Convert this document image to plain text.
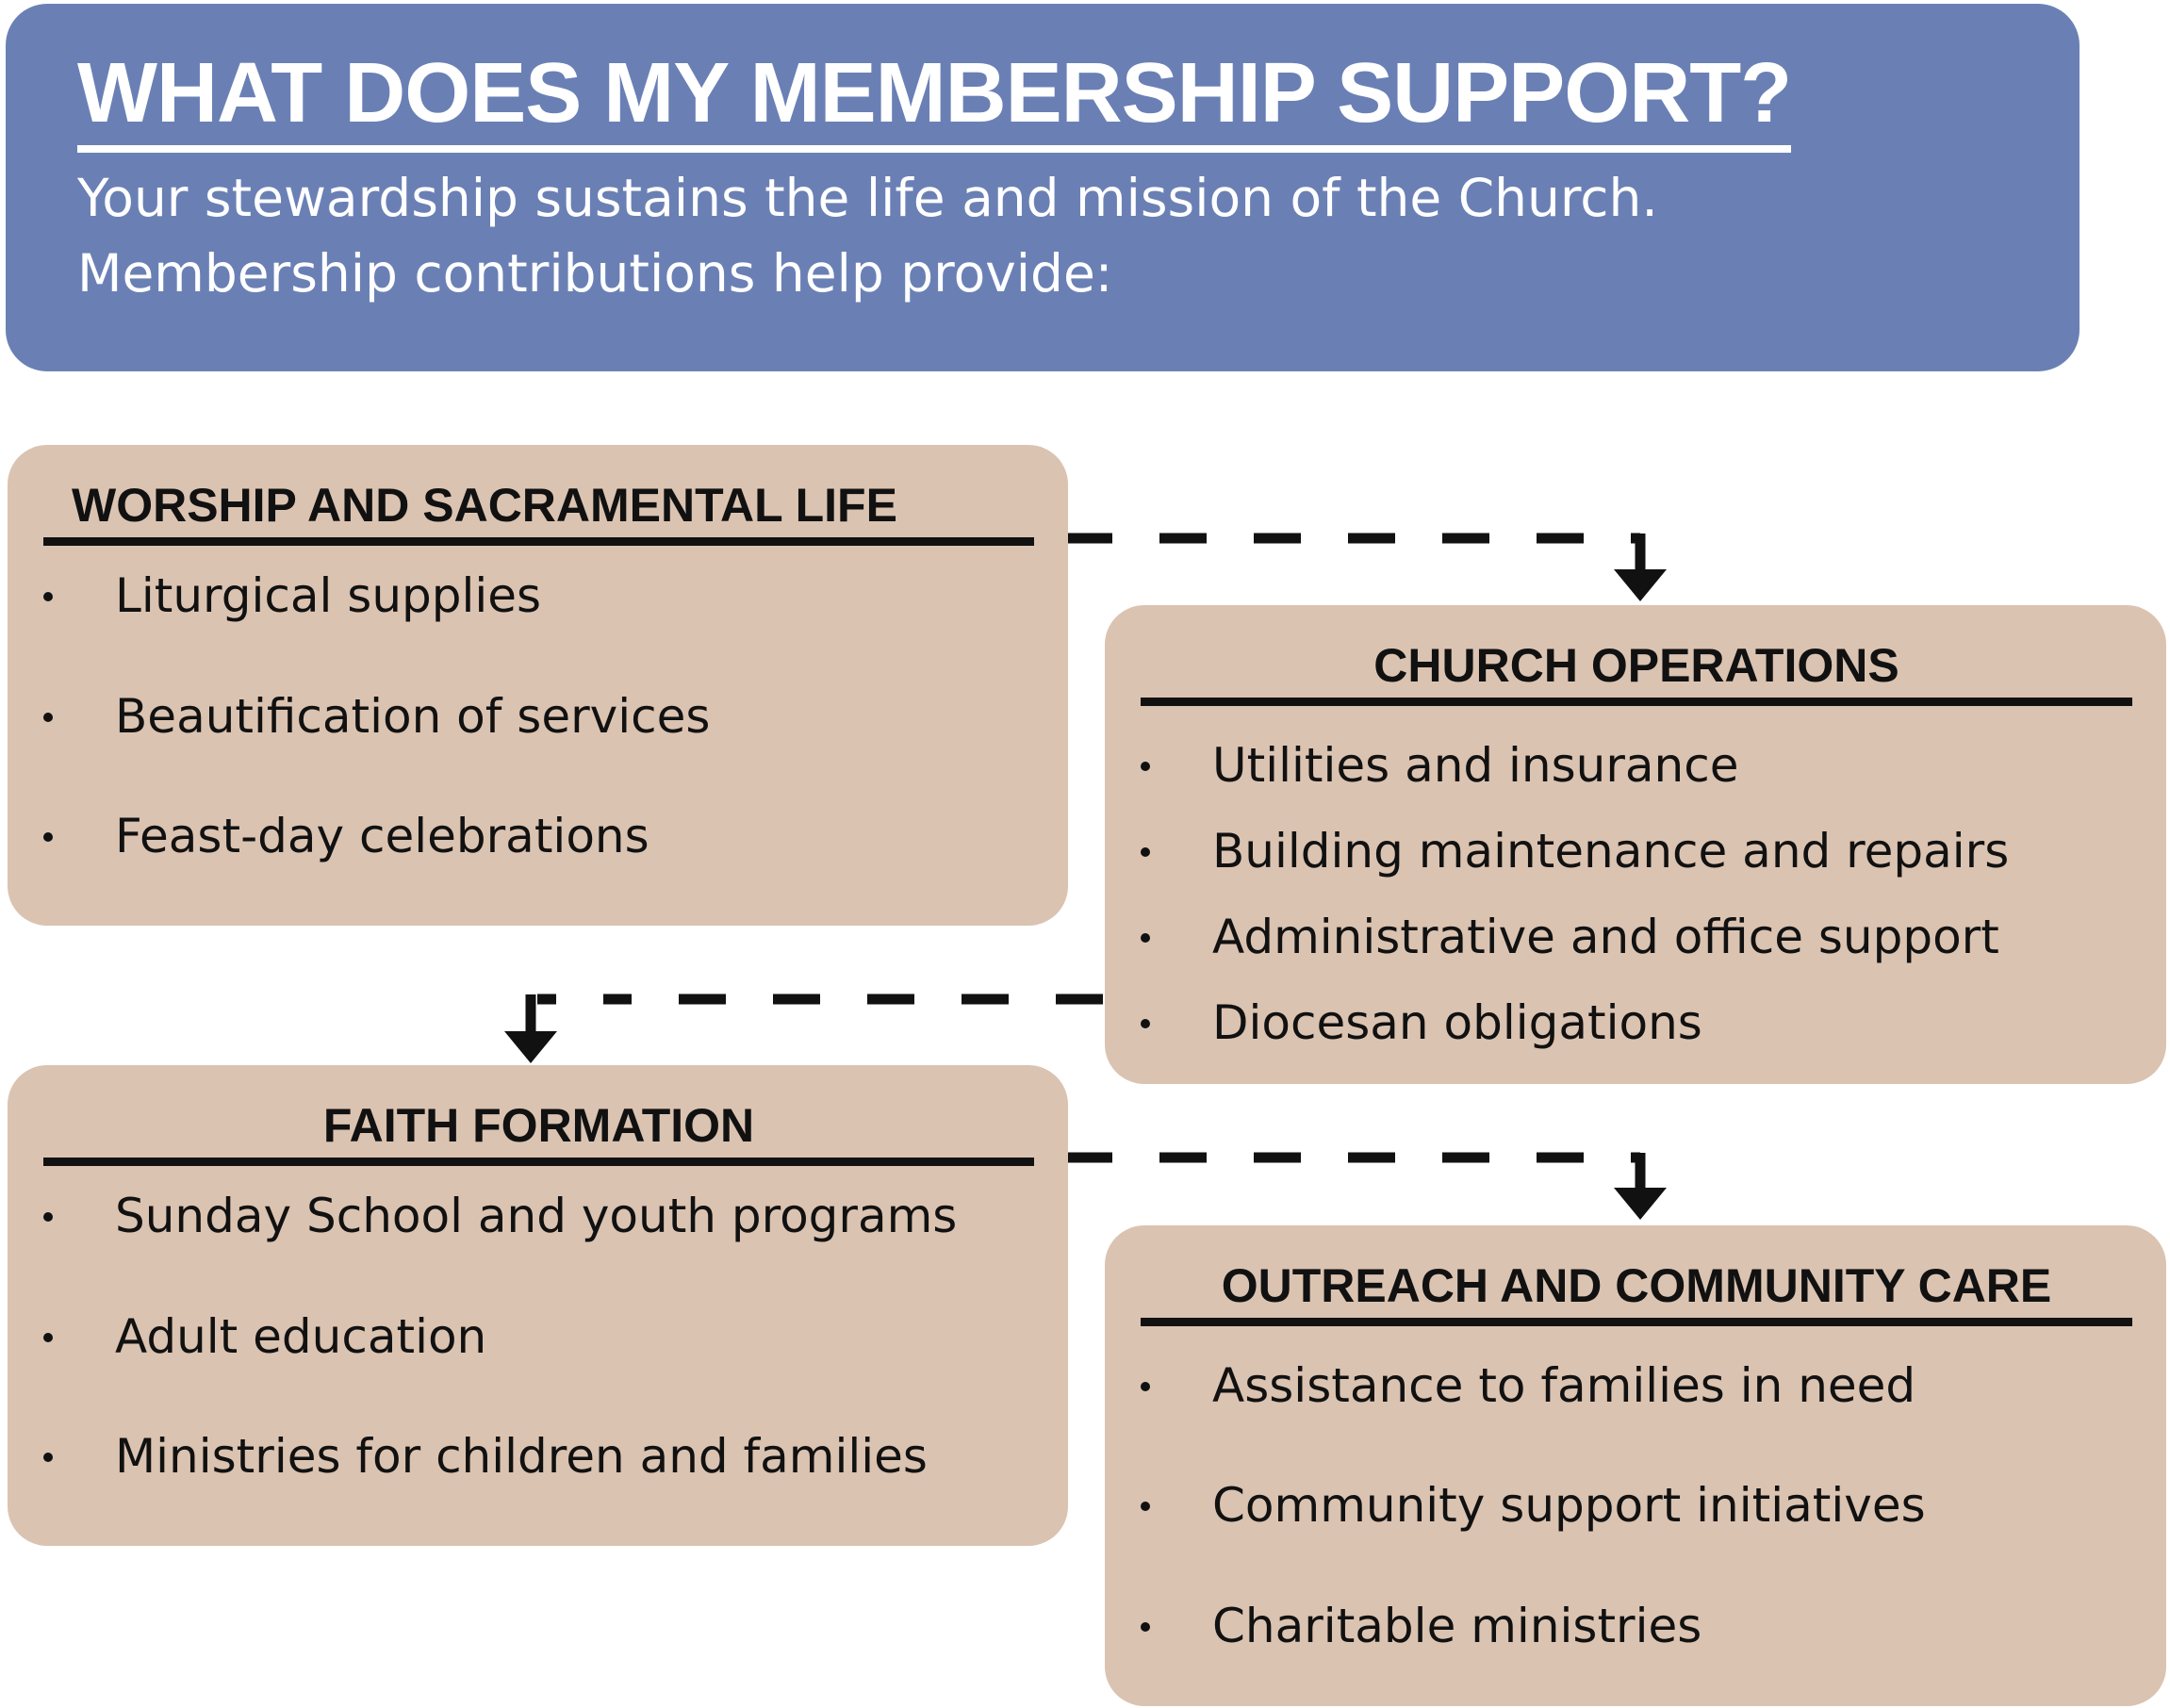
WHAT DOES MY MEMBERSHIP SUPPORT?
Your stewardship sustains the life and mission of the Church.
Membership contributions help provide:
WORSHIP AND SACRAMENTAL LIFE
Liturgical supplies
Beautification of services
Feast-day celebrations
CHURCH OPERATIONS
Utilities and insurance
Building maintenance and repairs
Administrative and office support
Diocesan obligations
FAITH FORMATION
Sunday School and youth programs
Adult education
Ministries for children and families
OUTREACH AND COMMUNITY CARE
Assistance to families in need
Community support initiatives
Charitable ministries
